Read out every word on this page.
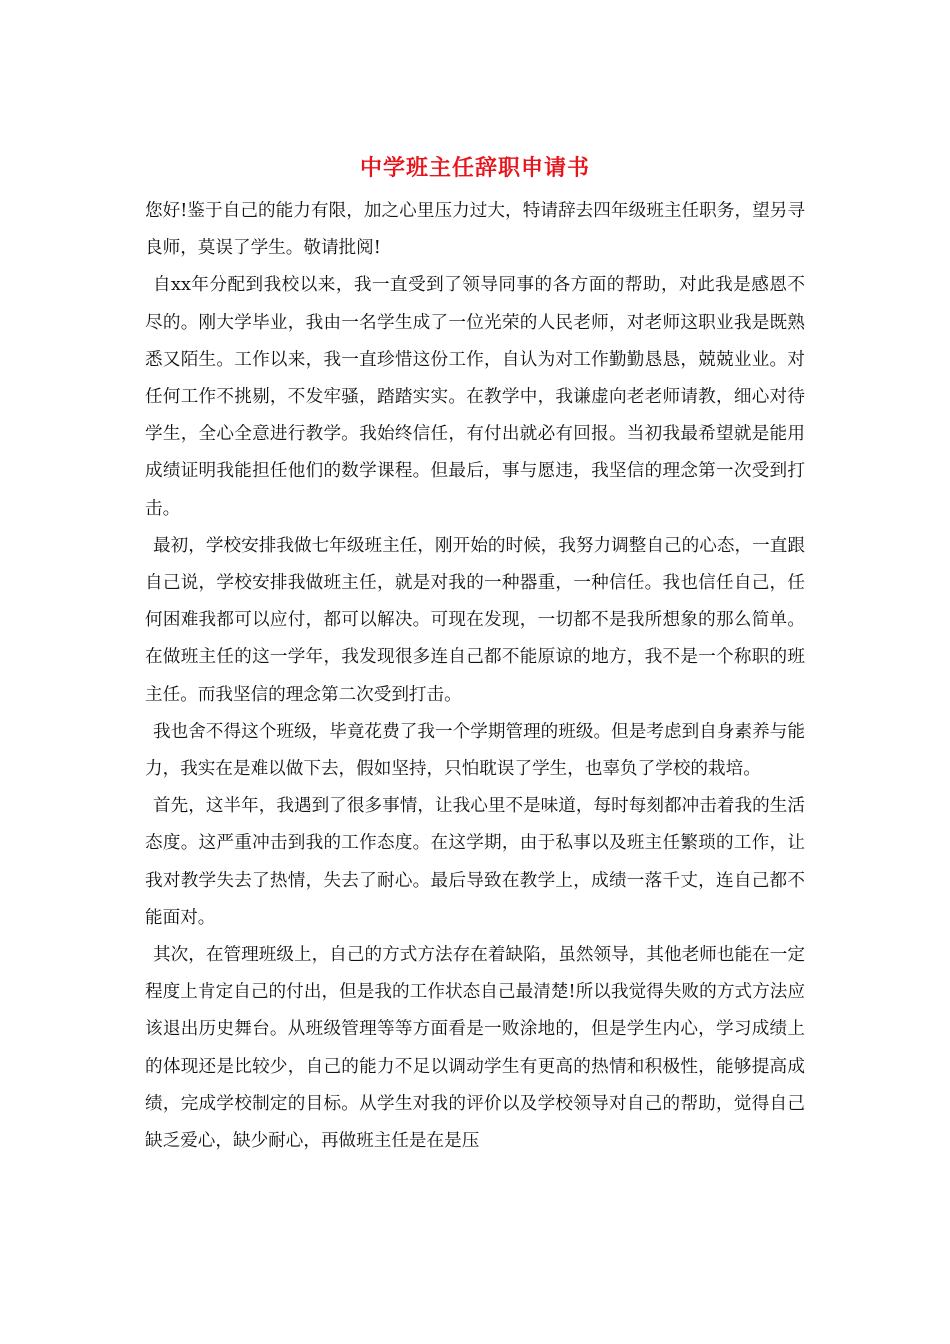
中学班主任辞职申请书

您好!鉴于自己的能力有限，加之心里压力过大，特请辞去四年级班主任职务，望另寻良师，莫误了学生。敬请批阅!

自xx年分配到我校以来，我一直受到了领导同事的各方面的帮助，对此我是感恩不尽的。刚大学毕业，我由一名学生成了一位光荣的人民老师，对老师这职业我是既熟悉又陌生。工作以来，我一直珍惜这份工作，自认为对工作勤勤恳恳，兢兢业业。对任何工作不挑剔，不发牢骚，踏踏实实。在教学中，我谦虚向老老师请教，细心对待学生，全心全意进行教学。我始终信任，有付出就必有回报。当初我最希望就是能用成绩证明我能担任他们的数学课程。但最后，事与愿违，我坚信的理念第一次受到打击。

最初，学校安排我做七年级班主任，刚开始的时候，我努力调整自己的心态，一直跟自己说，学校安排我做班主任，就是对我的一种器重，一种信任。我也信任自己，任何困难我都可以应付，都可以解决。可现在发现，一切都不是我所想象的那么简单。在做班主任的这一学年，我发现很多连自己都不能原谅的地方，我不是一个称职的班主任。而我坚信的理念第二次受到打击。

我也舍不得这个班级，毕竟花费了我一个学期管理的班级。但是考虑到自身素养与能力，我实在是难以做下去，假如坚持，只怕耽误了学生，也辜负了学校的栽培。

首先，这半年，我遇到了很多事情，让我心里不是味道，每时每刻都冲击着我的生活态度。这严重冲击到我的工作态度。在这学期，由于私事以及班主任繁琐的工作，让我对教学失去了热情，失去了耐心。最后导致在教学上，成绩一落千丈，连自己都不能面对。

其次，在管理班级上，自己的方式方法存在着缺陷，虽然领导，其他老师也能在一定程度上肯定自己的付出，但是我的工作状态自己最清楚!所以我觉得失败的方式方法应该退出历史舞台。从班级管理等等方面看是一败涂地的，但是学生内心，学习成绩上的体现还是比较少，自己的能力不足以调动学生有更高的热情和积极性，能够提高成绩，完成学校制定的目标。从学生对我的评价以及学校领导对自己的帮助，觉得自己缺乏爱心，缺少耐心，再做班主任是在是压
